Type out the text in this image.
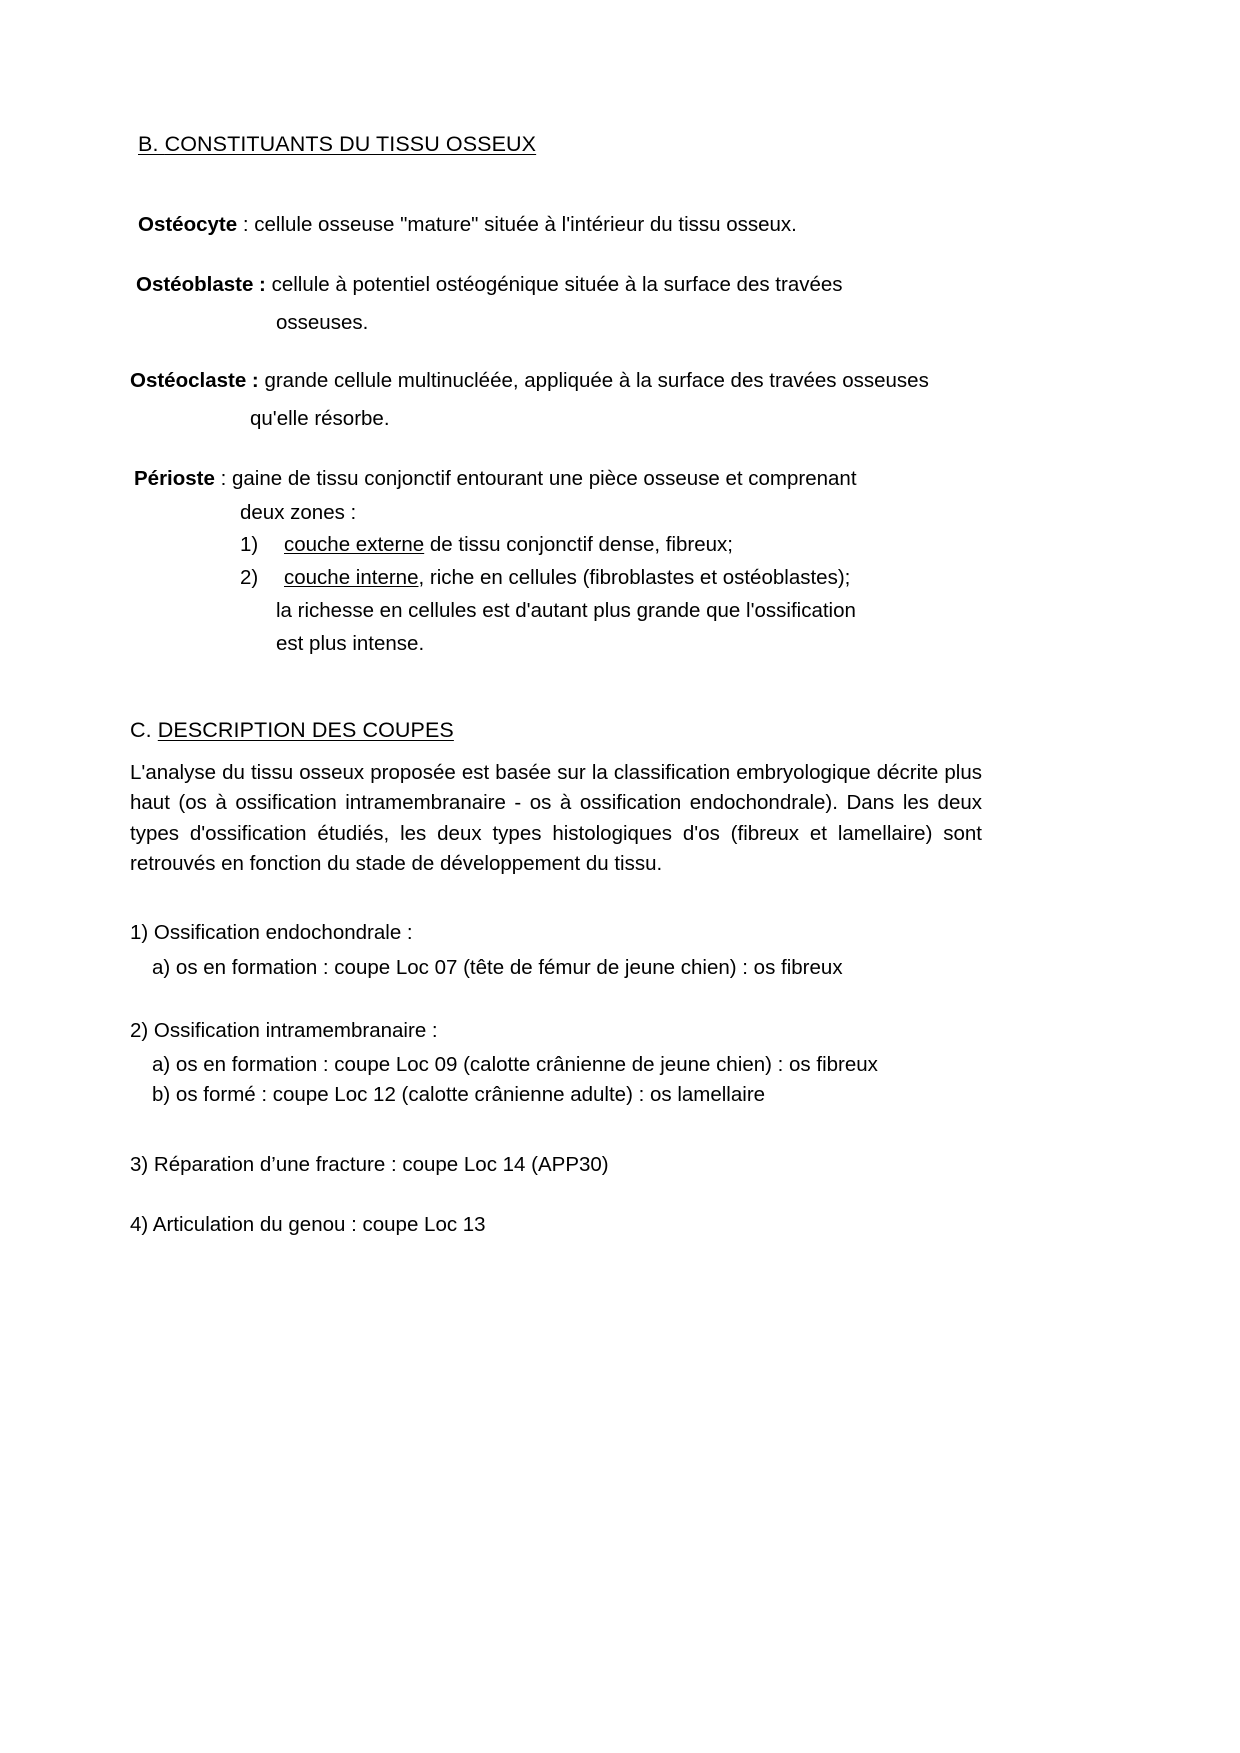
B. CONSTITUANTS DU TISSU OSSEUX
Ostéocyte : cellule osseuse "mature" située à l'intérieur du tissu osseux.
Ostéoblaste : cellule à potentiel ostéogénique située à la surface des travées
osseuses.
Ostéoclaste : grande cellule multinucléée, appliquée à la surface des travées osseuses
qu'elle résorbe.
Périoste : gaine de tissu conjonctif entourant une pièce osseuse et comprenant
deux zones :
1) couche externe de tissu conjonctif dense, fibreux;
2) couche interne, riche en cellules (fibroblastes et ostéoblastes);
la richesse en cellules est d'autant plus grande que l'ossification
est plus intense.
C. DESCRIPTION DES COUPES
L'analyse du tissu osseux proposée est basée sur la classification embryologique décrite plus haut (os à ossification intramembranaire - os à ossification endochondrale). Dans les deux types d'ossification étudiés, les deux types histologiques d'os (fibreux et lamellaire) sont retrouvés en fonction du stade de développement du tissu.
1) Ossification endochondrale :
a) os en formation : coupe Loc 07 (tête de fémur de jeune chien) : os fibreux
2) Ossification intramembranaire :
a) os en formation : coupe Loc 09 (calotte crânienne de jeune chien) : os fibreux
b) os formé : coupe Loc 12 (calotte crânienne adulte) : os lamellaire
3) Réparation d’une fracture : coupe Loc 14 (APP30)
4) Articulation du genou : coupe Loc 13
